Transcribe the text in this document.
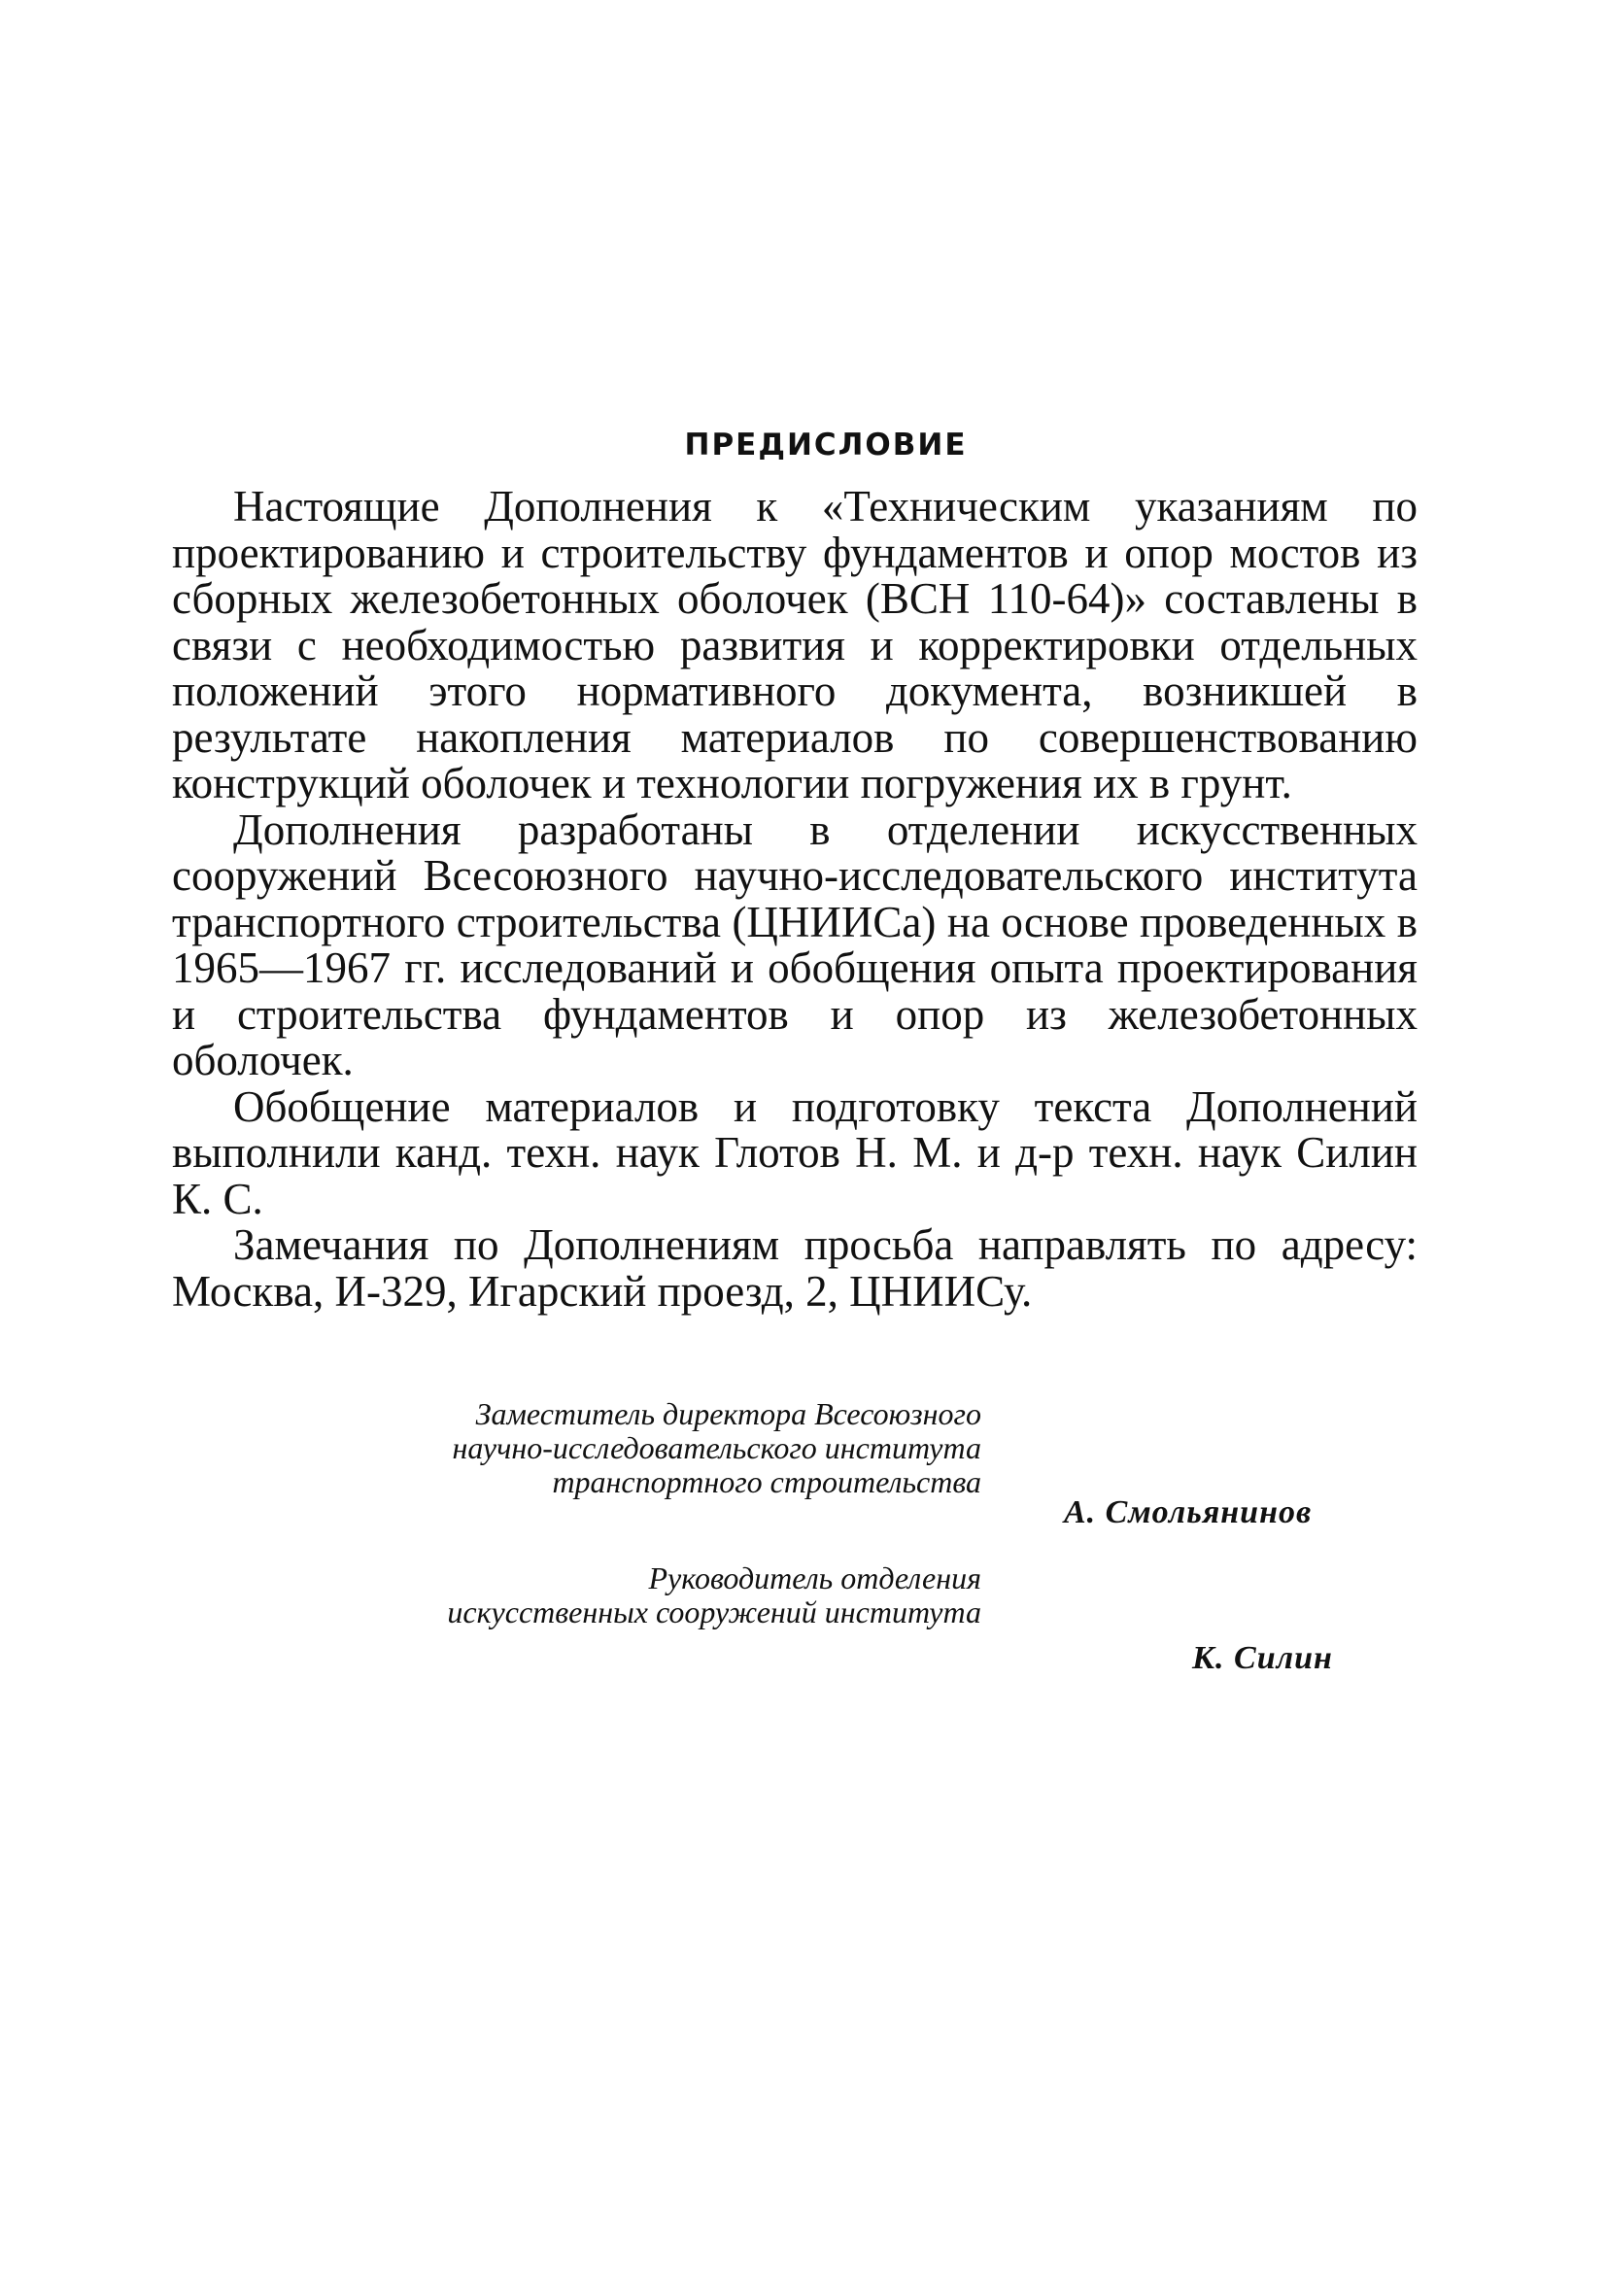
ПРЕДИСЛОВИЕ

Настоящие Дополнения к «Техническим указаниям по проектированию и строительству фундаментов и опор мостов из сборных железобетонных оболочек (ВСН 110-64)» составлены в связи с необходимостью развития и корректировки отдельных положений этого нормативного документа, возникшей в результате накопления материалов по совершенствованию конструкций оболочек и технологии погружения их в грунт.

Дополнения разработаны в отделении искусственных сооружений Всесоюзного научно-исследовательского института транспортного строительства (ЦНИИСа) на основе проведенных в 1965—1967 гг. исследований и обобщения опыта проектирования и строительства фундаментов и опор из железобетонных оболочек.

Обобщение материалов и подготовку текста Дополнений выполнили канд. техн. наук Глотов Н. М. и д-р техн. наук Силин К. С.

Замечания по Дополнениям просьба направлять по адресу: Москва, И-329, Игарский проезд, 2, ЦНИИСу.

Заместитель директора Всесоюзного
научно-исследовательского института
транспортного строительства
А. Смольянинов
Руководитель отделения
искусственных сооружений института
К. Силин
